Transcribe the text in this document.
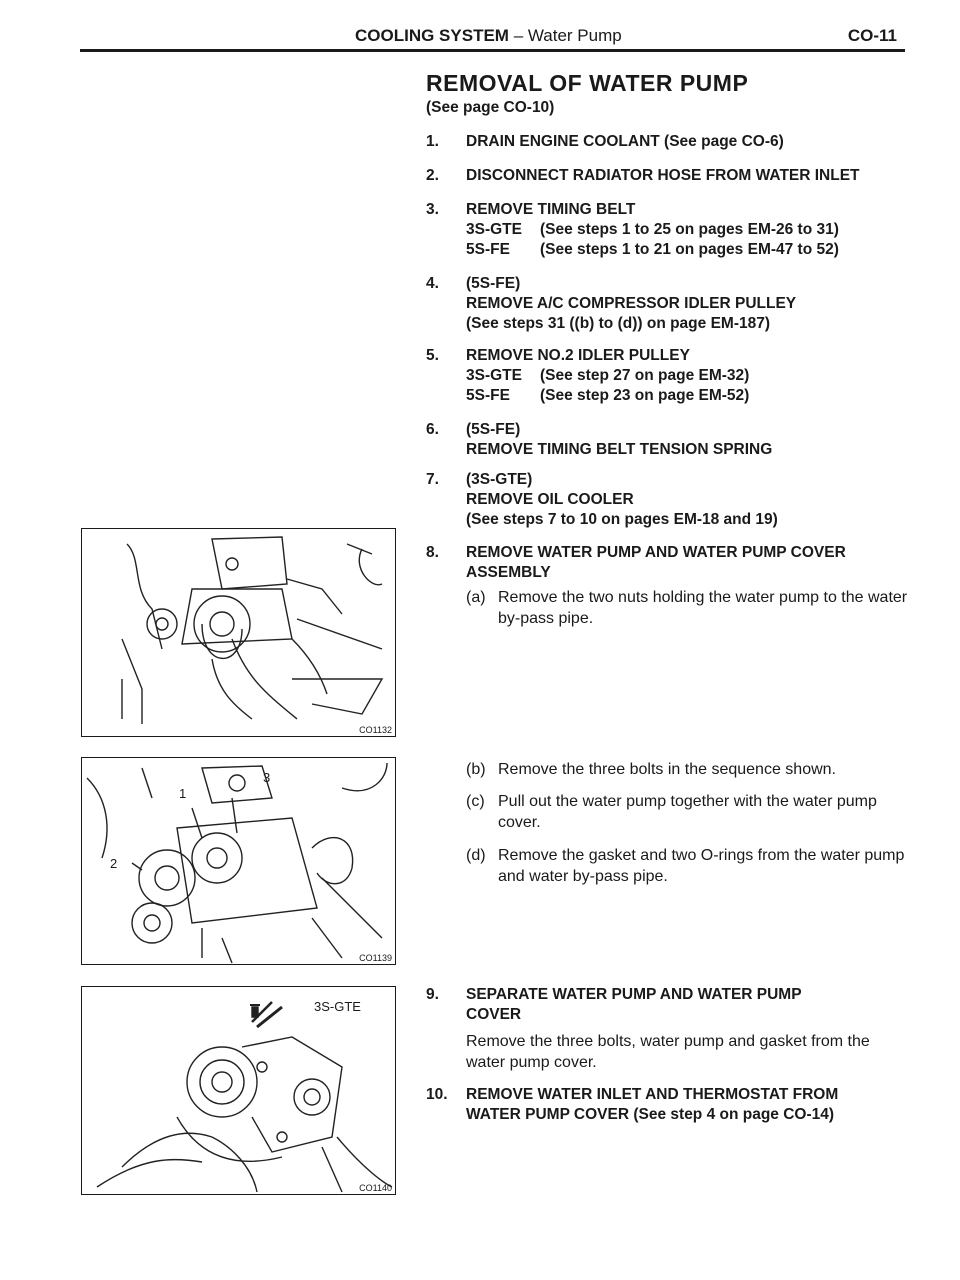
COOLING SYSTEM – Water Pump	CO-11
REMOVAL OF WATER PUMP
(See page CO-10)
1.	DRAIN ENGINE COOLANT (See page CO-6)
2.	DISCONNECT RADIATOR HOSE FROM WATER INLET
3.	REMOVE TIMING BELT
3S-GTE (See steps 1 to 25 on pages EM-26 to 31)
5S-FE (See steps 1 to 21 on pages EM-47 to 52)
4.	(5S-FE)
REMOVE A/C COMPRESSOR IDLER PULLEY
(See steps 31 ((b) to (d)) on page EM-187)
5.	REMOVE NO.2 IDLER PULLEY
3S-GTE (See step 27 on page EM-32)
5S-FE (See step 23 on page EM-52)
6.	(5S-FE)
REMOVE TIMING BELT TENSION SPRING
7.	(3S-GTE)
REMOVE OIL COOLER
(See steps 7 to 10 on pages EM-18 and 19)
8.	REMOVE WATER PUMP AND WATER PUMP COVER
ASSEMBLY
(a) Remove the two nuts holding the water pump to the water by-pass pipe.
(b) Remove the three bolts in the sequence shown.
(c) Pull out the water pump together with the water pump cover.
(d) Remove the gasket and two O-rings from the water pump and water by-pass pipe.
9.	SEPARATE WATER PUMP AND WATER PUMP
COVER
Remove the three bolts, water pump and gasket from the water pump cover.
10.	REMOVE WATER INLET AND THERMOSTAT FROM
WATER PUMP COVER (See step 4 on page CO-14)
CO1132
1
3
2
CO1139
3S-GTE
CO1140
